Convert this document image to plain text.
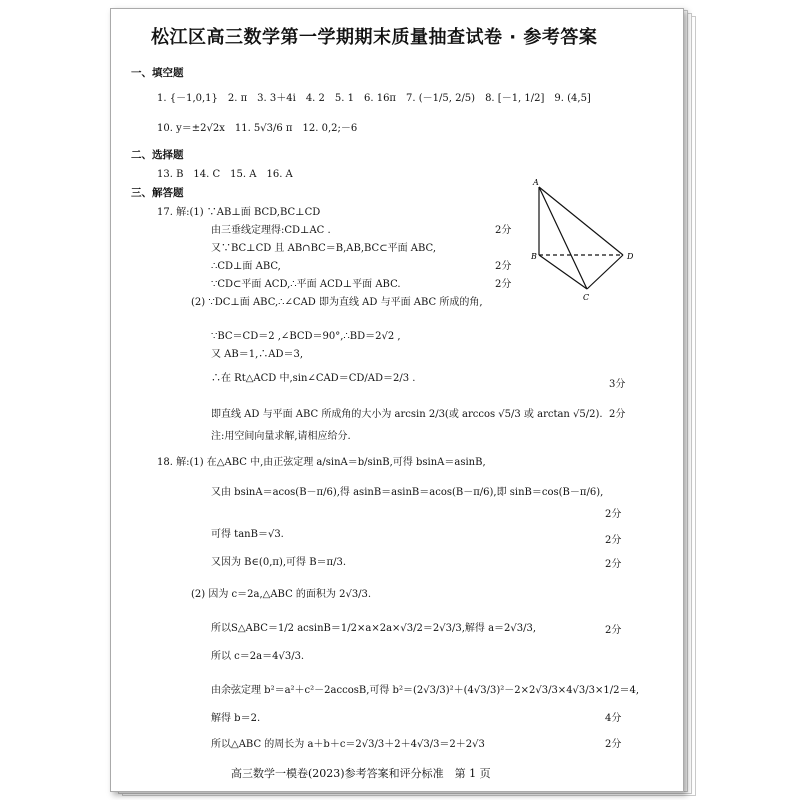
松江区高三数学第一学期期末质量抽查试卷 · 参考答案
一、填空题
1. {－1,0,1}　2. π　3. 3＋4i　4. 2　5. 1　6. 16π　7. (－1/5, 2/5)　8. [－1, 1/2]　9. (4,5]
10. y＝±2√2x　11. 5√3/6 π　12. 0,2;－6
二、选择题
13. B　14. C　15. A　16. A
三、解答题
17. 解:(1) ∵AB⊥面 BCD,BC⊥CD
由三垂线定理得:CD⊥AC .
又∵BC⊥CD 且 AB∩BC＝B,AB,BC⊂平面 ABC,
∴CD⊥面 ABC,
∵CD⊂平面 ACD,∴平面 ACD⊥平面 ABC.
(2) ∵DC⊥面 ABC,∴∠CAD 即为直线 AD 与平面 ABC 所成的角,
∵BC＝CD＝2 ,∠BCD＝90°,∴BD＝2√2 ,
又 AB＝1,∴AD＝3,
∴在 Rt△ACD 中,sin∠CAD＝CD/AD＝2/3 .
即直线 AD 与平面 ABC 所成角的大小为 arcsin 2/3(或 arccos √5/3 或 arctan √5/2).
注:用空间向量求解,请相应给分.
2分
2分
2分
3分
2分
A
B
C
D
18. 解:(1) 在△ABC 中,由正弦定理 a/sinA＝b/sinB,可得 bsinA＝asinB,
又由 bsinA＝acos(B－π/6),得 asinB＝asinB＝acos(B－π/6),即 sinB＝cos(B－π/6),
可得 tanB＝√3.
又因为 B∈(0,π),可得 B＝π/3.
(2) 因为 c＝2a,△ABC 的面积为 2√3/3.
所以S△ABC＝1/2 acsinB＝1/2×a×2a×√3/2＝2√3/3,解得 a＝2√3/3,
所以 c＝2a＝4√3/3.
由余弦定理 b²＝a²＋c²－2accosB,可得 b²＝(2√3/3)²＋(4√3/3)²－2×2√3/3×4√3/3×1/2＝4,
解得 b＝2.
所以△ABC 的周长为 a＋b＋c＝2√3/3＋2＋4√3/3＝2＋2√3
2分
2分
2分
2分
4分
2分
高三数学一模卷(2023)参考答案和评分标准　第 1 页
